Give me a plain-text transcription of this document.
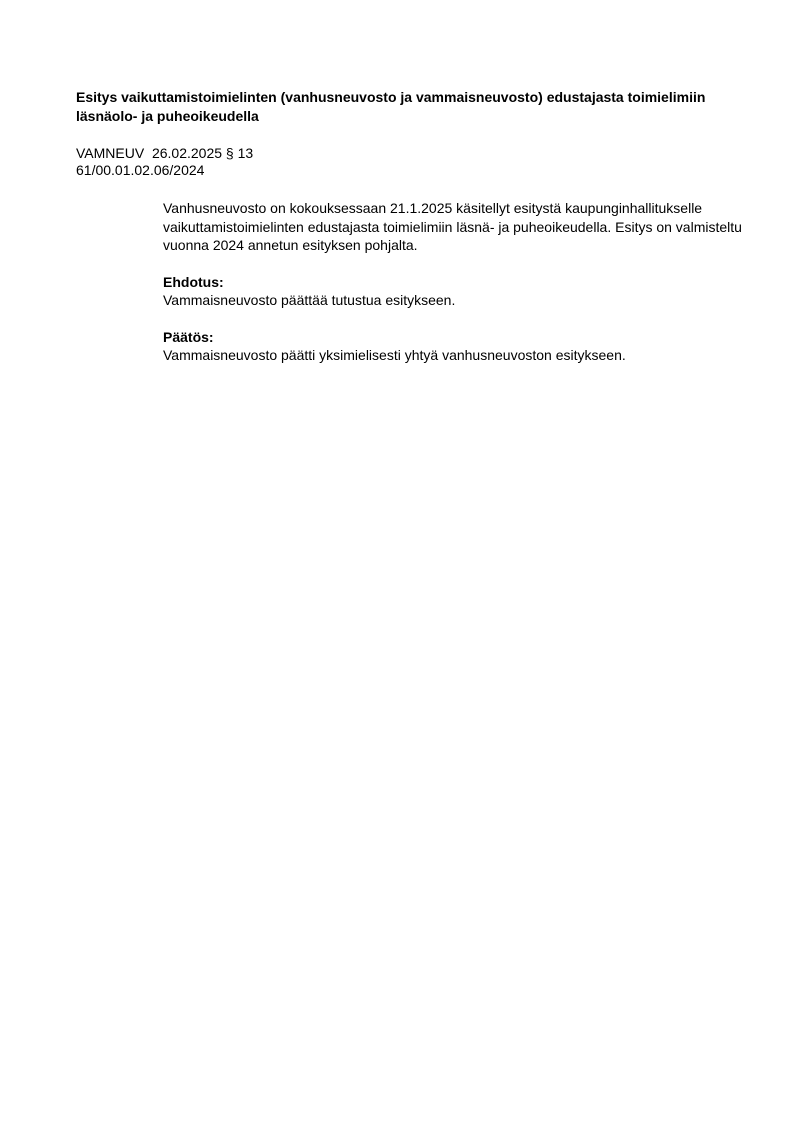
Esitys vaikuttamistoimielinten (vanhusneuvosto ja vammaisneuvosto) edustajasta toimielimiin läsnäolo- ja puheoikeudella
VAMNEUV  26.02.2025 § 13
61/00.01.02.06/2024

Vanhusneuvosto on kokouksessaan 21.1.2025 käsitellyt esitystä kaupunginhallitukselle vaikuttamistoimielinten edustajasta toimielimiin läsnä- ja puheoikeudella. Esitys on valmisteltu vuonna 2024 annetun esityksen pohjalta.

Ehdotus:

Vammaisneuvosto päättää tutustua esitykseen.

Päätös:

Vammaisneuvosto päätti yksimielisesti yhtyä vanhusneuvoston esitykseen.
